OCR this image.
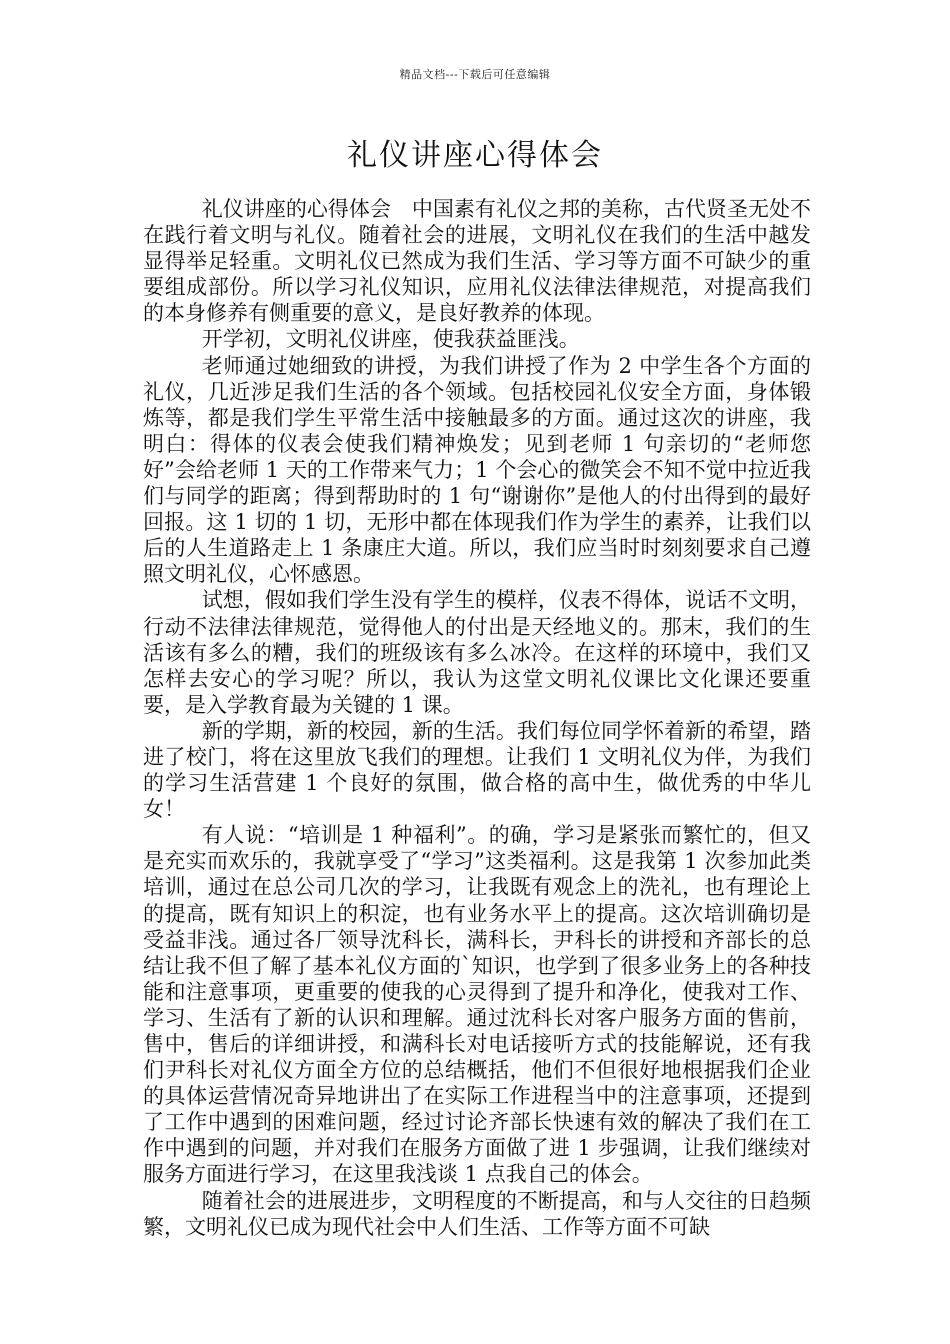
精品文档---下载后可任意编辑
礼仪讲座心得体会

礼仪讲座的心得体会　中国素有礼仪之邦的美称，古代贤圣无处不在践行着文明与礼仪。随着社会的进展，文明礼仪在我们的生活中越发显得举足轻重。文明礼仪已然成为我们生活、学习等方面不可缺少的重要组成部份。所以学习礼仪知识，应用礼仪法律法律规范，对提高我们的本身修养有侧重要的意义，是良好教养的体现。

开学初，文明礼仪讲座，使我获益匪浅。

老师通过她细致的讲授，为我们讲授了作为 2 中学生各个方面的礼仪，几近涉足我们生活的各个领域。包括校园礼仪安全方面，身体锻炼等，都是我们学生平常生活中接触最多的方面。通过这次的讲座，我明白：得体的仪表会使我们精神焕发；见到老师 1 句亲切的“老师您好”会给老师 1 天的工作带来气力；1 个会心的微笑会不知不觉中拉近我们与同学的距离；得到帮助时的 1 句“谢谢你”是他人的付出得到的最好回报。这 1 切的 1 切，无形中都在体现我们作为学生的素养，让我们以后的人生道路走上 1 条康庄大道。所以，我们应当时时刻刻要求自己遵照文明礼仪，心怀感恩。

试想，假如我们学生没有学生的模样，仪表不得体，说话不文明，行动不法律法律规范，觉得他人的付出是天经地义的。那末，我们的生活该有多么的糟，我们的班级该有多么冰冷。在这样的环境中，我们又怎样去安心的学习呢？所以，我认为这堂文明礼仪课比文化课还要重要，是入学教育最为关键的 1 课。

新的学期，新的校园，新的生活。我们每位同学怀着新的希望，踏进了校门，将在这里放飞我们的理想。让我们 1 文明礼仪为伴，为我们的学习生活营建 1 个良好的氛围，做合格的高中生，做优秀的中华儿女！

有人说：“培训是 1 种福利”。的确，学习是紧张而繁忙的，但又是充实而欢乐的，我就享受了“学习”这类福利。这是我第 1 次参加此类培训，通过在总公司几次的学习，让我既有观念上的洗礼，也有理论上的提高，既有知识上的积淀，也有业务水平上的提高。这次培训确切是受益非浅。通过各厂领导沈科长，满科长，尹科长的讲授和齐部长的总结让我不但了解了基本礼仪方面的`知识，也学到了很多业务上的各种技能和注意事项，更重要的使我的心灵得到了提升和净化，使我对工作、学习、生活有了新的认识和理解。通过沈科长对客户服务方面的售前，售中，售后的详细讲授，和满科长对电话接听方式的技能解说，还有我们尹科长对礼仪方面全方位的总结概括，他们不但很好地根据我们企业的具体运营情况奇异地讲出了在实际工作进程当中的注意事项，还提到了工作中遇到的困难问题，经过讨论齐部长快速有效的解决了我们在工作中遇到的问题，并对我们在服务方面做了进 1 步强调，让我们继续对服务方面进行学习，在这里我浅谈 1 点我自己的体会。

随着社会的进展进步，文明程度的不断提高，和与人交往的日趋频繁，文明礼仪已成为现代社会中人们生活、工作等方面不可缺
